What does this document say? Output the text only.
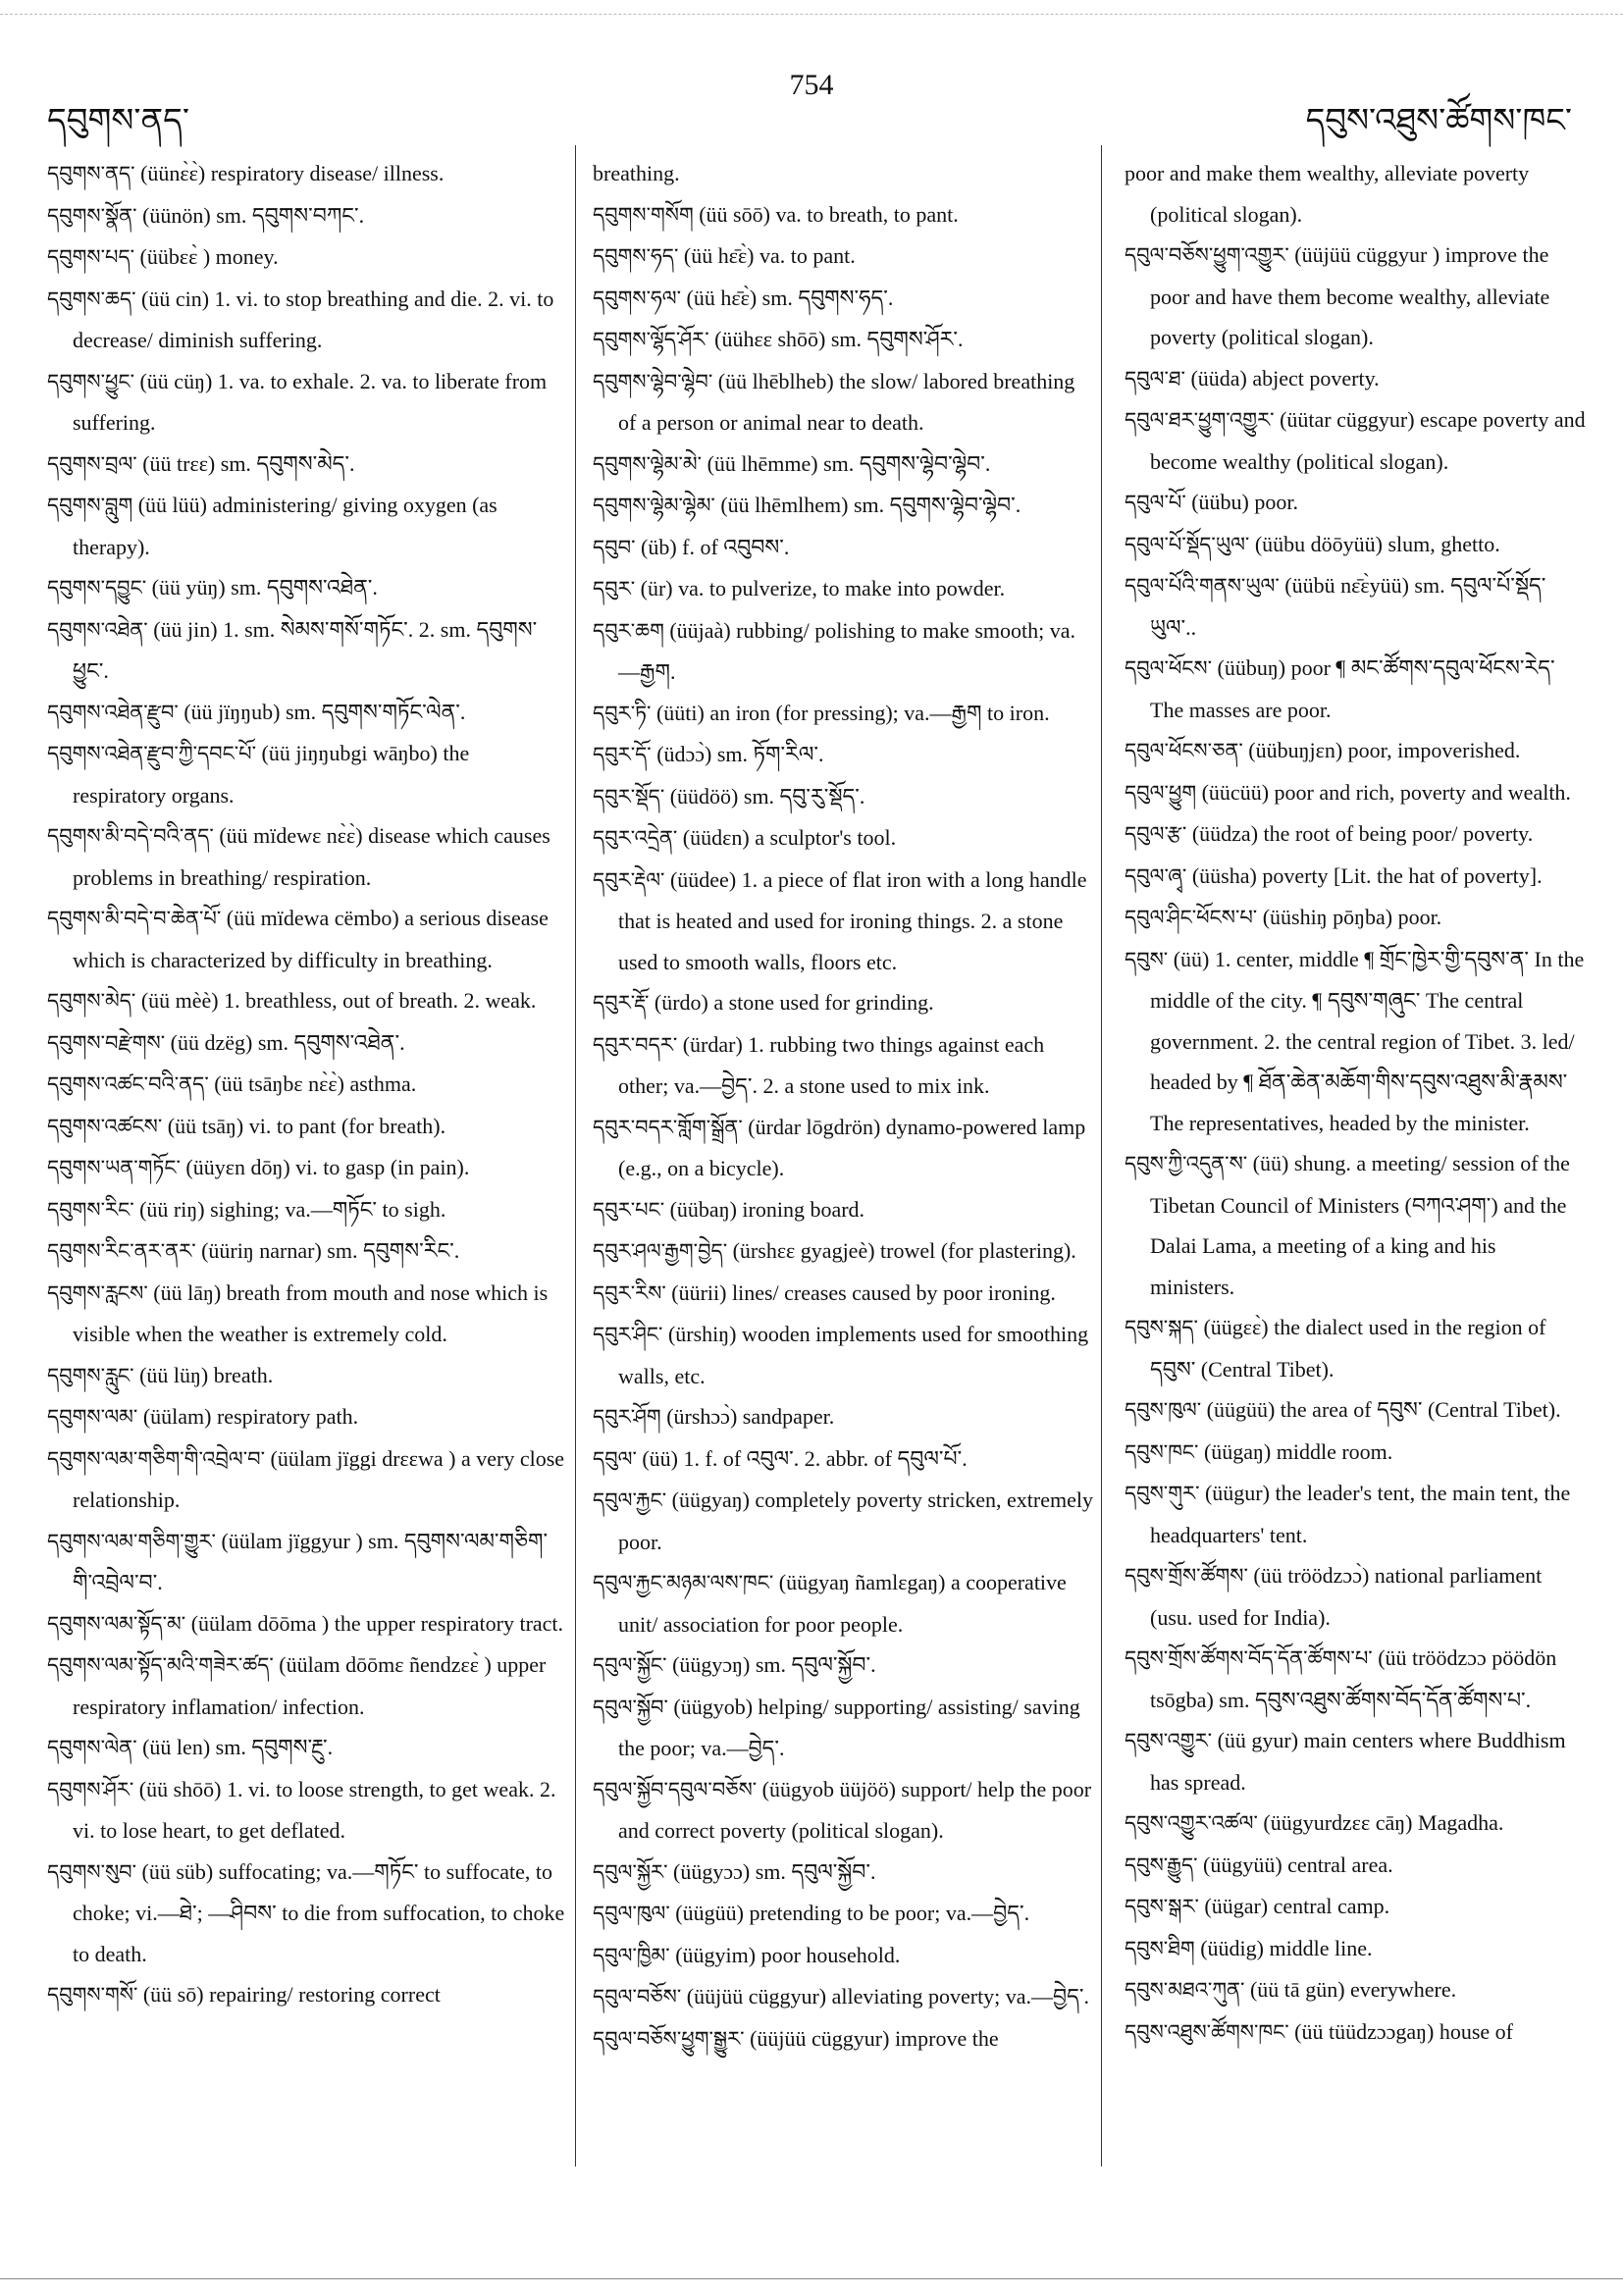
དབུགས་ནད་
754
དབུས་འཐུས་ཚོགས་ཁང་

དབུགས་ནད་ (üünɛ̀ɛ̀) respiratory disease/ illness.

དབུགས་སྣོན་ (üünön) sm. དབུགས་བཀང་.

དབུགས་པད་ (üübɛɛ̀ ) money.

དབུགས་ཆད་ (üü cin) 1. vi. to stop breathing and die. 2. vi. to decrease/ diminish suffering.

དབུགས་ཕྱུང་ (üü cüŋ) 1. va. to exhale. 2. va. to liberate from suffering.

དབུགས་བྲལ་ (üü trɛɛ) sm. དབུགས་མེད་.

དབུགས་བླུག (üü lüü) administering/ giving oxygen (as therapy).

དབུགས་དབྱུང་ (üü yüŋ) sm. དབུགས་འཐེན་.

དབུགས་འཐེན་ (üü jin) 1. sm. སེམས་གསོ་གཏོང་. 2. sm. དབུགས་ཕྱུང་.

དབུགས་འཐེན་རྫུབ་ (üü jïŋŋub) sm. དབུགས་གཏོང་ལེན་.

དབུགས་འཐེན་རྫུབ་ཀྱི་དབང་པོ་ (üü jiŋŋubgi wāŋbo) the respiratory organs.

དབུགས་མི་བདེ་བའི་ནད་ (üü mïdewɛ nɛ̀ɛ̀) disease which causes problems in breathing/ respiration.

དབུགས་མི་བདེ་བ་ཆེན་པོ་ (üü mïdewa cëmbo) a serious disease which is characterized by difficulty in breathing.

དབུགས་མེད་ (üü mèè) 1. breathless, out of breath. 2. weak.

དབུགས་བརྫེགས་ (üü dzëg) sm. དབུགས་འཐེན་.

དབུགས་འཚང་བའི་ནད་ (üü tsāŋbɛ nɛ̀ɛ̀) asthma.

དབུགས་འཚངས་ (üü tsāŋ) vi. to pant (for breath).

དབུགས་ཡན་གཏོང་ (üüyɛn dōŋ) vi. to gasp (in pain).

དབུགས་རིང་ (üü riŋ) sighing; va.—གཏོང་ to sigh.

དབུགས་རིང་ནར་ནར་ (üüriŋ narnar) sm. དབུགས་རིང་.

དབུགས་རླངས་ (üü lāŋ) breath from mouth and nose which is visible when the weather is extremely cold.

དབུགས་རླུང་ (üü lüŋ) breath.

དབུགས་ལམ་ (üülam) respiratory path.

དབུགས་ལམ་གཅིག་གི་འབྲེལ་བ་ (üülam jïggi drɛɛwa ) a very close relationship.

དབུགས་ལམ་གཅིག་གྱུར་ (üülam jïggyur ) sm. དབུགས་ལམ་གཅིག་གི་འབྲེལ་བ་.

དབུགས་ལམ་སྟོད་མ་ (üülam dōōma ) the upper respiratory tract.

དབུགས་ལམ་སྟོད་མའི་གཟེར་ཚད་ (üülam dōōmɛ ñendzɛɛ̀ ) upper respiratory inflamation/ infection.

དབུགས་ལེན་ (üü len) sm. དབུགས་རྔུ་.

དབུགས་ཤོར་ (üü shōō) 1. vi. to loose strength, to get weak. 2. vi. to lose heart, to get deflated.

དབུགས་སུབ་ (üü süb) suffocating; va.—གཏོང་ to suffocate, to choke; vi.—ཐེ་; —ཤིབས་ to die from suffocation, to choke to death.

དབུགས་གསོ་ (üü sō) repairing/ restoring correct

breathing.

དབུགས་གསོག (üü sōō) va. to breath, to pant.

དབུགས་ཧད་ (üü hɛ̄ɛ̀) va. to pant.

དབུགས་ཧལ་ (üü hɛ̄ɛ̀) sm. དབུགས་ཧད་.

དབུགས་ལྷོད་ཤོར་ (üühɛɛ shōō) sm. དབུགས་ཤོར་.

དབུགས་ལྷེབ་ལྷེབ་ (üü lhēblheb) the slow/ labored breathing of a person or animal near to death.

དབུགས་ལྷེམ་མེ་ (üü lhēmme) sm. དབུགས་ལྷེབ་ལྷེབ་.

དབུགས་ལྷེམ་ལྷེམ་ (üü lhēmlhem) sm. དབུགས་ལྷེབ་ལྷེབ་.

དབུབ་ (üb) f. of འབུབས་.

དབུར་ (ür) va. to pulverize, to make into powder.

དབུར་ཆག (üüjaà) rubbing/ polishing to make smooth; va.—རྒྱག.

དབུར་ཏི་ (üüti) an iron (for pressing); va.—རྒྱག to iron.

དབུར་དོ་ (üdɔɔ̀) sm. ཏོག་རིལ་.

དབུར་སྡོད་ (üüdöö) sm. དབུ་རུ་སྡོད་.

དབུར་འདྲེན་ (üüdɛn) a sculptor's tool.

དབུར་རྡེལ་ (üüdee) 1. a piece of flat iron with a long handle that is heated and used for ironing things. 2. a stone used to smooth walls, floors etc.

དབུར་རྡོ་ (ürdo) a stone used for grinding.

དབུར་བདར་ (ürdar) 1. rubbing two things against each other; va.—བྱེད་. 2. a stone used to mix ink.

དབུར་བདར་གློག་སྒྲོན་ (ürdar lōgdrön) dynamo-powered lamp (e.g., on a bicycle).

དབུར་པང་ (üübaŋ) ironing board.

དབུར་ཤལ་རྒྱག་བྱེད་ (ürshɛɛ gyagjeè) trowel (for plastering).

དབུར་རིས་ (üürii) lines/ creases caused by poor ironing.

དབུར་ཤིང་ (ürshiŋ) wooden implements used for smoothing walls, etc.

དབུར་ཤོག (ürshɔɔ̀) sandpaper.

དབུལ་ (üü) 1. f. of འབུལ་. 2. abbr. of དབུལ་པོ་.

དབུལ་རྐྱང་ (üügyaŋ) completely poverty stricken, extremely poor.

དབུལ་རྐྱང་མཉམ་ལས་ཁང་ (üügyaŋ ñamlɛgaŋ) a cooperative unit/ association for poor people.

དབུལ་སྐྱོང་ (üügyɔŋ) sm. དབུལ་སྐྱོབ་.

དབུལ་སྐྱོབ་ (üügyob) helping/ supporting/ assisting/ saving the poor; va.—བྱེད་.

དབུལ་སྐྱོབ་དབུལ་བཅོས་ (üügyob üüjöö) support/ help the poor and correct poverty (political slogan).

དབུལ་སྐྱོར་ (üügyɔɔ) sm. དབུལ་སྐྱོབ་.

དབུལ་ཁུལ་ (üügüü) pretending to be poor; va.—བྱེད་.

དབུལ་ཁྱིམ་ (üügyim) poor household.

དབུལ་བཅོས་ (üüjüü cüggyur) alleviating poverty; va.—བྱེད་.

དབུལ་བཅོས་ཕྱུག་སྒྱུར་ (üüjüü cüggyur) improve the

poor and make them wealthy, alleviate poverty (political slogan).

དབུལ་བཅོས་ཕྱུག་འགྱུར་ (üüjüü cüggyur ) improve the poor and have them become wealthy, alleviate poverty (political slogan).

དབུལ་ཐ་ (üüda) abject poverty.

དབུལ་ཐར་ཕྱུག་འགྱུར་ (üütar cüggyur) escape poverty and become wealthy (political slogan).

དབུལ་པོ་ (üübu) poor.

དབུལ་པོ་སྡོད་ཡུལ་ (üübu döōyüü) slum, ghetto.

དབུལ་པོའི་གནས་ཡུལ་ (üübü nɛ̄ɛ̀yüü) sm. དབུལ་པོ་སྡོད་ཡུལ་..

དབུལ་ཕོངས་ (üübuŋ) poor ¶ མང་ཚོགས་དབུལ་ཕོངས་རེད་ The masses are poor.

དབུལ་ཕོངས་ཅན་ (üübuŋjɛn) poor, impoverished.

དབུལ་ཕྱུག (üücüü) poor and rich, poverty and wealth.

དབུལ་རྩ་ (üüdza) the root of being poor/ poverty.

དབུལ་ཞྭ་ (üüsha) poverty [Lit. the hat of poverty].

དབུལ་ཤིང་ཕོངས་པ་ (üüshiŋ pōŋba) poor.

དབུས་ (üü) 1. center, middle ¶ གྲོང་ཁྱེར་གྱི་དབུས་ན་ In the middle of the city. ¶ དབུས་གཞུང་ The central government. 2. the central region of Tibet. 3. led/ headed by ¶ ཐོན་ཆེན་མཆོག་གིས་དབུས་འཐུས་མི་རྣམས་ The representatives, headed by the minister.

དབུས་ཀྱི་འདུན་ས་ (üü) shung. a meeting/ session of the Tibetan Council of Ministers (བཀའ་ཤག་) and the Dalai Lama, a meeting of a king and his ministers.

དབུས་སྐད་ (üügɛɛ̀) the dialect used in the region of དབུས་ (Central Tibet).

དབུས་ཁུལ་ (üügüü) the area of དབུས་ (Central Tibet).

དབུས་ཁང་ (üügaŋ) middle room.

དབུས་གུར་ (üügur) the leader's tent, the main tent, the headquarters' tent.

དབུས་གྲོས་ཚོགས་ (üü tröödzɔɔ̀) national parliament (usu. used for India).

དབུས་གྲོས་ཚོགས་བོད་དོན་ཚོགས་པ་ (üü tröödzɔɔ pöödön tsōgba) sm. དབུས་འཐུས་ཚོགས་བོད་དོན་ཚོགས་པ་.

དབུས་འགྱུར་ (üü gyur) main centers where Buddhism has spread.

དབུས་འགྱུར་འཚལ་ (üügyurdzɛɛ cāŋ) Magadha.

དབུས་རྒྱུད་ (üügyüü) central area.

དབུས་སྒར་ (üügar) central camp.

དབུས་ཐིག (üüdig) middle line.

དབུས་མཐའ་ཀུན་ (üü tā gün) everywhere.

དབུས་འཐུས་ཚོགས་ཁང་ (üü tüüdzɔɔgaŋ) house of
